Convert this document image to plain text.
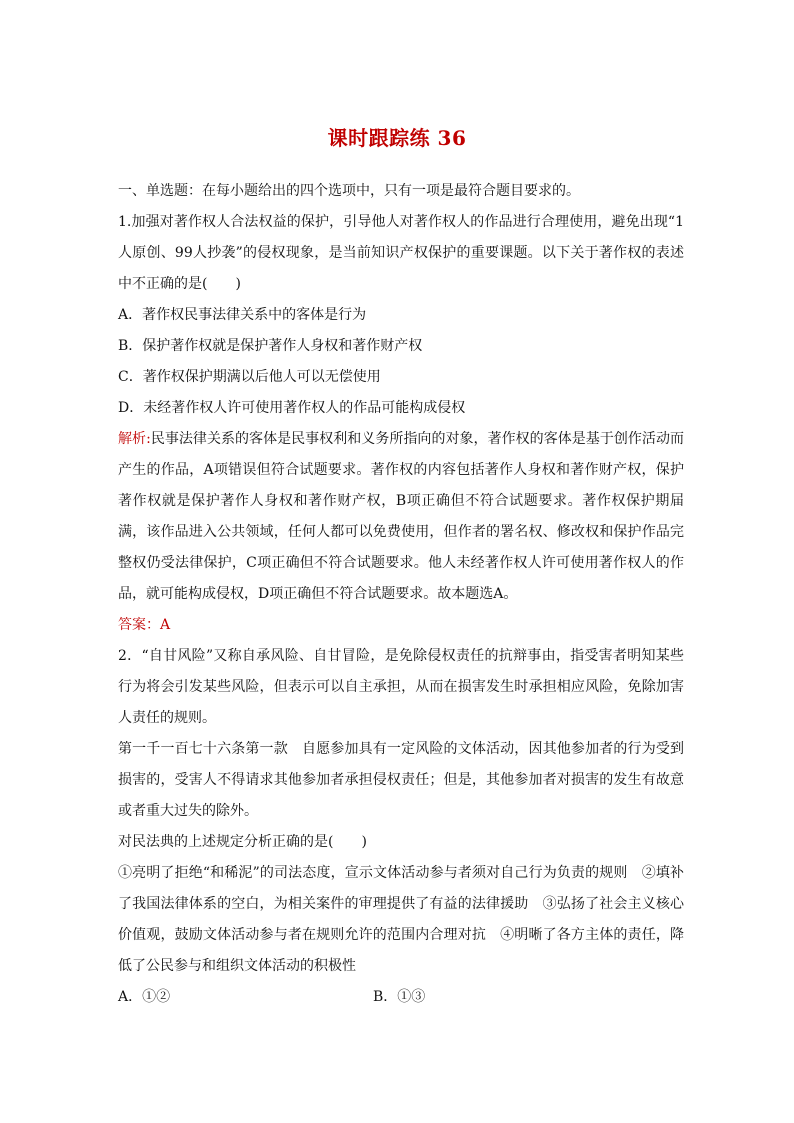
课时跟踪练 36

一、单选题：在每小题给出的四个选项中，只有一项是最符合题目要求的。

1.加强对著作权人合法权益的保护，引导他人对著作权人的作品进行合理使用，避免出现“1人原创、99人抄袭”的侵权现象，是当前知识产权保护的重要课题。以下关于著作权的表述中不正确的是(　　)

A．著作权民事法律关系中的客体是行为

B．保护著作权就是保护著作人身权和著作财产权

C．著作权保护期满以后他人可以无偿使用

D．未经著作权人许可使用著作权人的作品可能构成侵权

解析:民事法律关系的客体是民事权利和义务所指向的对象，著作权的客体是基于创作活动而产生的作品，A项错误但符合试题要求。著作权的内容包括著作人身权和著作财产权，保护著作权就是保护著作人身权和著作财产权，B项正确但不符合试题要求。著作权保护期届满，该作品进入公共领域，任何人都可以免费使用，但作者的署名权、修改权和保护作品完整权仍受法律保护，C项正确但不符合试题要求。他人未经著作权人许可使用著作权人的作品，就可能构成侵权，D项正确但不符合试题要求。故本题选A。

答案：A

2．“自甘风险”又称自承风险、自甘冒险，是免除侵权责任的抗辩事由，指受害者明知某些行为将会引发某些风险，但表示可以自主承担，从而在损害发生时承担相应风险，免除加害人责任的规则。

第一千一百七十六条第一款　自愿参加具有一定风险的文体活动，因其他参加者的行为受到损害的，受害人不得请求其他参加者承担侵权责任；但是，其他参加者对损害的发生有故意或者重大过失的除外。

对民法典的上述规定分析正确的是(　　)

①亮明了拒绝“和稀泥”的司法态度，宣示文体活动参与者须对自己行为负责的规则　②填补了我国法律体系的空白，为相关案件的审理提供了有益的法律援助　③弘扬了社会主义核心价值观，鼓励文体活动参与者在规则允许的范围内合理对抗　④明晰了各方主体的责任，降低了公民参与和组织文体活动的积极性

A．①②	B．①③
